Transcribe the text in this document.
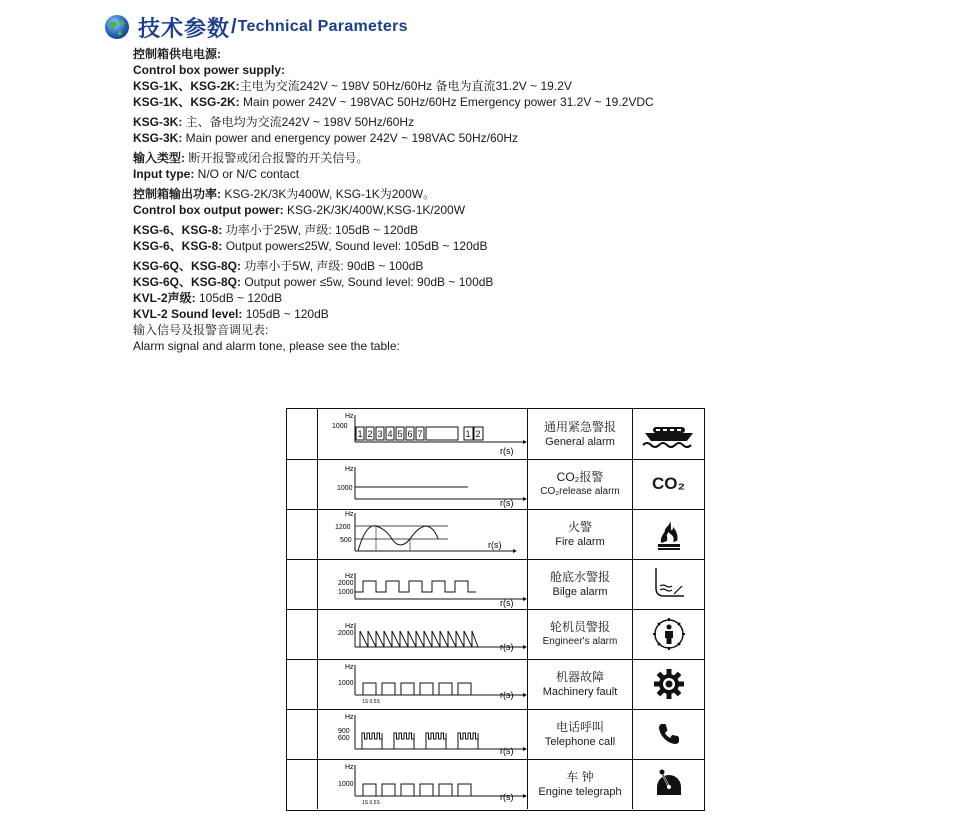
技术参数 / Technical Parameters
控制箱供电电源:
Control box power supply:
KSG-1K、KSG-2K:主电为交流242V ~ 198V 50Hz/60Hz 备电为直流31.2V ~ 19.2V
KSG-1K、KSG-2K: Main power 242V ~ 198VAC 50Hz/60Hz Emergency power 31.2V ~ 19.2VDC
KSG-3K: 主、备电均为交流242V ~ 198V 50Hz/60Hz
KSG-3K: Main power and energency power 242V ~ 198VAC 50Hz/60Hz
输入类型: 断开报警或闭合报警的开关信号。
Input type: N/O or N/C contact
控制箱输出功率: KSG-2K/3K为400W, KSG-1K为200W。
Control box output power: KSG-2K/3K/400W,KSG-1K/200W
KSG-6、KSG-8: 功率小于25W, 声级: 105dB ~ 120dB
KSG-6、KSG-8: Output power≤25W, Sound level: 105dB ~ 120dB
KSG-6Q、KSG-8Q: 功率小于5W, 声级: 90dB ~ 100dB
KSG-6Q、KSG-8Q: Output power ≤5w, Sound level: 90dB ~ 100dB
KVL-2声级: 105dB ~ 120dB
KVL-2 Sound level: 105dB ~ 120dB
输入信号及报警音调见表:
Alarm signal and alarm tone, please see the table:
Hz
1000
1 2 3 4 5 6 7	1 2
r(s)
通用紧急警报
General alarm
Hz
1000
r(s)
CO₂报警
CO₂release alarm CO₂
Hz
1200
500	r(s)
火警
Fire alarm
Hz
2000
1000
r(s)
舱底水警报
Bilge alarm
Hz
2000
r(s)
轮机员警报
Engineer's alarm
Hz
1000
1S 0.5S
r(s)
机器故障
Machinery fault
Hz
900
600
r(s)
电话呼叫
Telephone call
Hz
1000
1S 0.5S
r(s)
车 钟
Engine telegraph
